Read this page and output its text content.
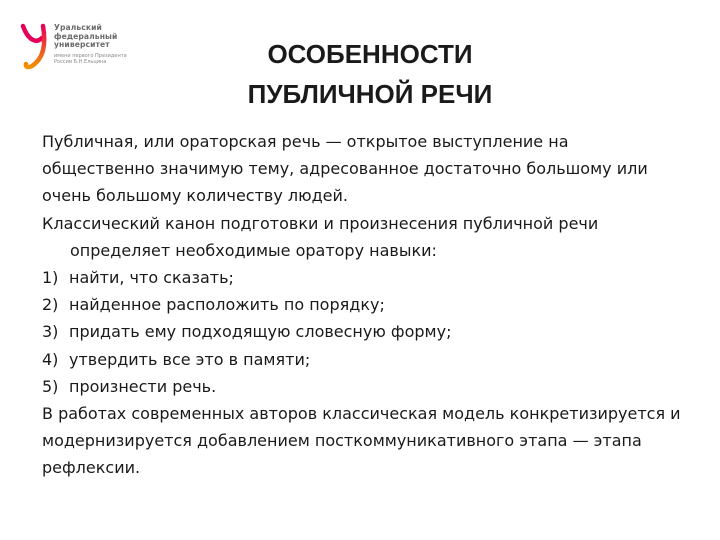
Уральский
федеральный
университет
имени первого Президента
России Б.Н.Ельцина	ОСОБЕННОСТИ
ПУБЛИЧНОЙ РЕЧИ

Публичная, или ораторская речь — открытое выступление на общественно значимую тему, адресованное достаточно большому или очень большому количеству людей.

Классический канон подготовки и произнесения публичной речи определяет необходимые оратору навыки:

1) найти, что сказать;
2) найденное расположить по порядку;
3) придать ему подходящую словесную форму;
4) утвердить все это в памяти;
5) произнести речь.

В работах современных авторов классическая модель конкретизируется и модернизируется добавлением посткоммуникативного этапа — этапа рефлексии.
